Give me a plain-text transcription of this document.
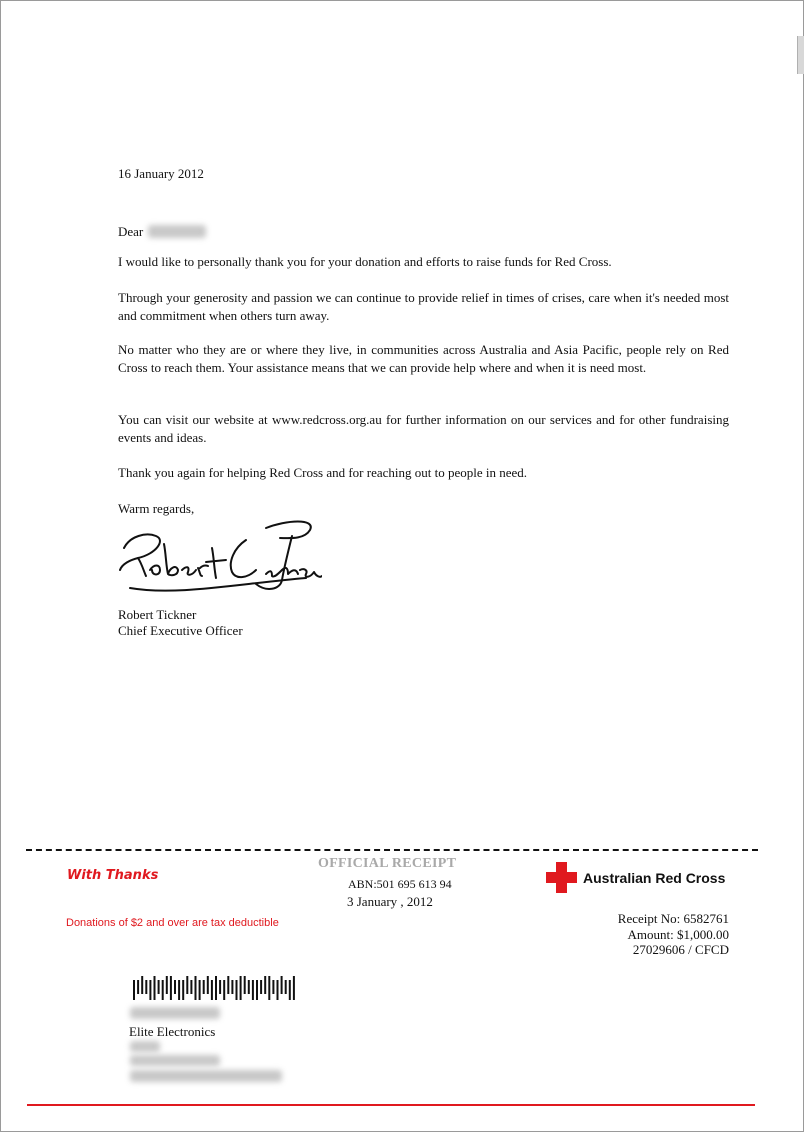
16 January 2012
Dear
I would like to personally thank you for your donation and efforts to raise funds for Red Cross.
Through your generosity and passion we can continue to provide relief in times of crises, care when it's needed most and commitment when others turn away.
No matter who they are or where they live, in communities across Australia and Asia Pacific, people rely on Red Cross to reach them. Your assistance means that we can provide help where and when it is need most.
You can visit our website at www.redcross.org.au for further information on our services and for other fundraising events and ideas.
Thank you again for helping Red Cross and for reaching out to people in need.
Warm regards,
Robert Tickner
Chief Executive Officer
With Thanks
OFFICIAL RECEIPT
ABN:501 695 613 94
3 January , 2012
Australian Red Cross
Donations of $2 and over are tax deductible	Receipt No: 6582761
Amount: $1,000.00
27029606 / CFCD
Elite Electronics
